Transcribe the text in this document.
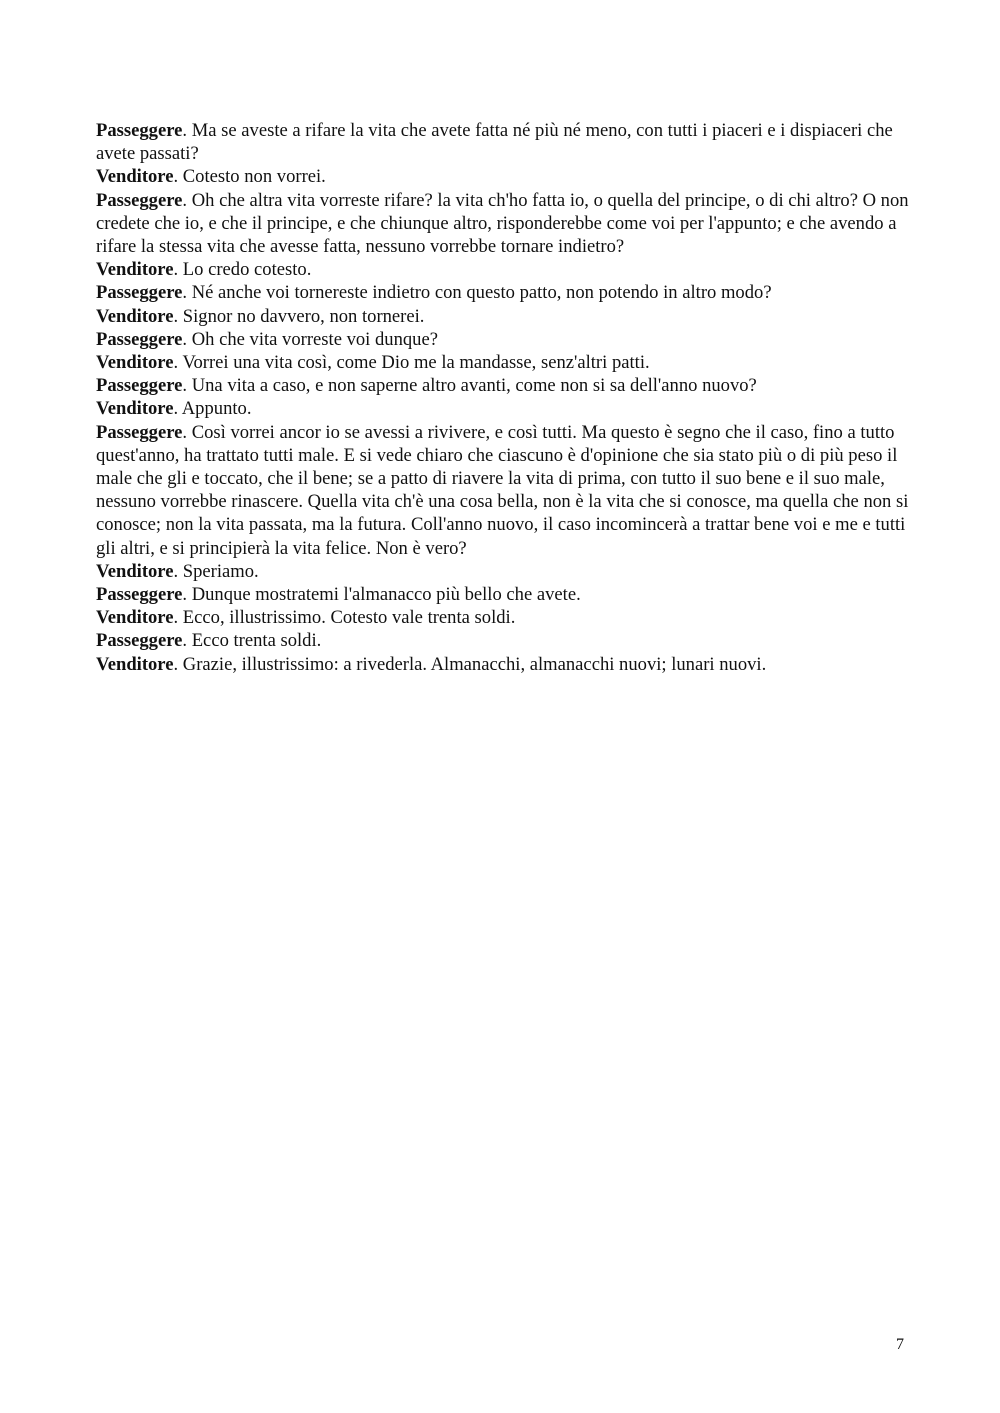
Passeggere. Ma se aveste a rifare la vita che avete fatta né più né meno, con tutti i piaceri e i dispiaceri che avete passati?

Venditore. Cotesto non vorrei.

Passeggere. Oh che altra vita vorreste rifare? la vita ch'ho fatta io, o quella del principe, o di chi altro? O non credete che io, e che il principe, e che chiunque altro, risponderebbe come voi per l'appunto; e che avendo a rifare la stessa vita che avesse fatta, nessuno vorrebbe tornare indietro?

Venditore. Lo credo cotesto.

Passeggere. Né anche voi tornereste indietro con questo patto, non potendo in altro modo?

Venditore. Signor no davvero, non tornerei.

Passeggere. Oh che vita vorreste voi dunque?

Venditore. Vorrei una vita così, come Dio me la mandasse, senz'altri patti.

Passeggere. Una vita a caso, e non saperne altro avanti, come non si sa dell'anno nuovo?

Venditore. Appunto.

Passeggere. Così vorrei ancor io se avessi a rivivere, e così tutti. Ma questo è segno che il caso, fino a tutto quest'anno, ha trattato tutti male. E si vede chiaro che ciascuno è d'opinione che sia stato più o di più peso il male che gli e toccato, che il bene; se a patto di riavere la vita di prima, con tutto il suo bene e il suo male, nessuno vorrebbe rinascere. Quella vita ch'è una cosa bella, non è la vita che si conosce, ma quella che non si conosce; non la vita passata, ma la futura. Coll'anno nuovo, il caso incomincerà a trattar bene voi e me e tutti gli altri, e si principierà la vita felice. Non è vero?

Venditore. Speriamo.

Passeggere. Dunque mostratemi l'almanacco più bello che avete.

Venditore. Ecco, illustrissimo. Cotesto vale trenta soldi.

Passeggere. Ecco trenta soldi.

Venditore. Grazie, illustrissimo: a rivederla. Almanacchi, almanacchi nuovi; lunari nuovi.

7
